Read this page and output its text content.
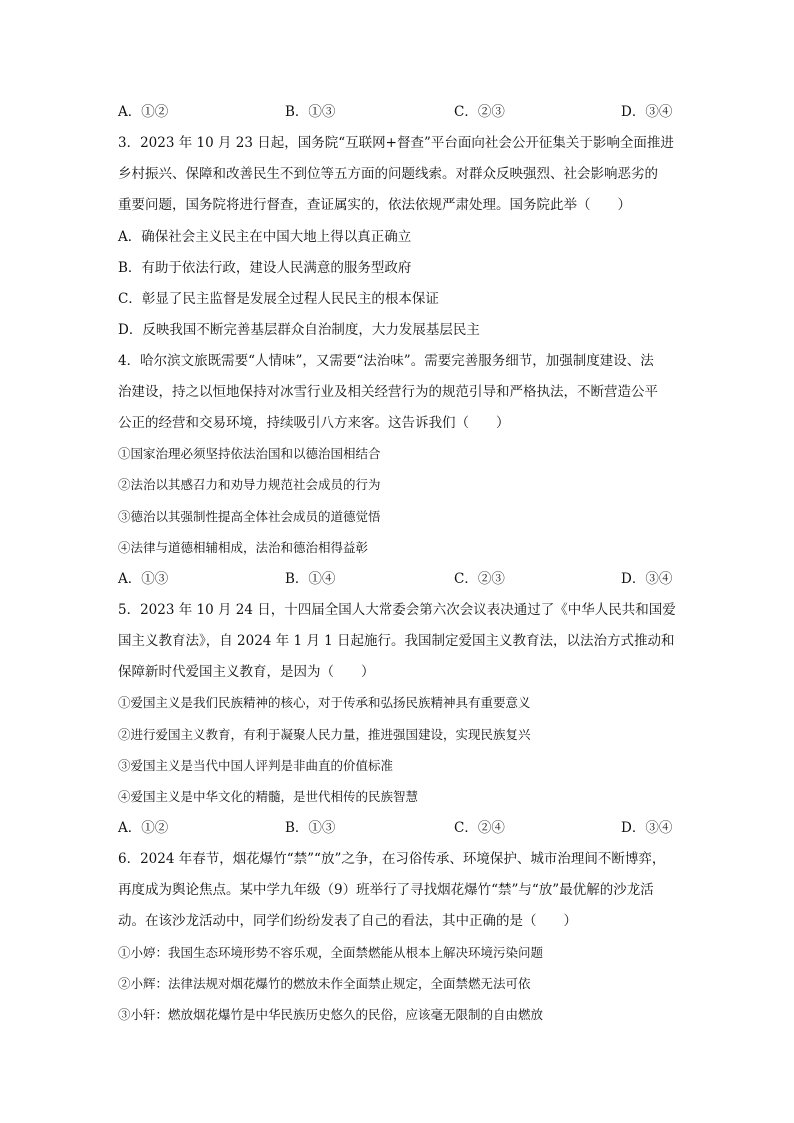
A．①②	B．①③	C．②③	D．③④
3．2023 年 10 月 23 日起，国务院“互联网+督查”平台面向社会公开征集关于影响全面推进
乡村振兴、保障和改善民生不到位等五方面的问题线索。对群众反映强烈、社会影响恶劣的
重要问题，国务院将进行督查，查证属实的，依法依规严肃处理。国务院此举（　　）
A．确保社会主义民主在中国大地上得以真正确立
B．有助于依法行政，建设人民满意的服务型政府
C．彰显了民主监督是发展全过程人民民主的根本保证
D．反映我国不断完善基层群众自治制度，大力发展基层民主
4．哈尔滨文旅既需要“人情味”，又需要“法治味”。需要完善服务细节，加强制度建设、法
治建设，持之以恒地保持对冰雪行业及相关经营行为的规范引导和严格执法，不断营造公平
公正的经营和交易环境，持续吸引八方来客。这告诉我们（　　）
①国家治理必须坚持依法治国和以德治国相结合
②法治以其感召力和劝导力规范社会成员的行为
③德治以其强制性提高全体社会成员的道德觉悟
④法律与道德相辅相成，法治和德治相得益彰
A．①③	B．①④	C．②③	D．③④
5．2023 年 10 月 24 日，十四届全国人大常委会第六次会议表决通过了《中华人民共和国爱
国主义教育法》，自 2024 年 1 月 1 日起施行。我国制定爱国主义教育法，以法治方式推动和
保障新时代爱国主义教育，是因为（　　）
①爱国主义是我们民族精神的核心，对于传承和弘扬民族精神具有重要意义
②进行爱国主义教育，有利于凝聚人民力量，推进强国建设，实现民族复兴
③爱国主义是当代中国人评判是非曲直的价值标准
④爱国主义是中华文化的精髓，是世代相传的民族智慧
A．①②	B．①③	C．②④	D．③④
6．2024 年春节，烟花爆竹“禁”“放”之争，在习俗传承、环境保护、城市治理间不断博弈，
再度成为舆论焦点。某中学九年级（9）班举行了寻找烟花爆竹“禁”与“放”最优解的沙龙活
动。在该沙龙活动中，同学们纷纷发表了自己的看法，其中正确的是（　　）
①小婷：我国生态环境形势不容乐观，全面禁燃能从根本上解决环境污染问题
②小辉：法律法规对烟花爆竹的燃放未作全面禁止规定，全面禁燃无法可依
③小轩：燃放烟花爆竹是中华民族历史悠久的民俗，应该毫无限制的自由燃放
